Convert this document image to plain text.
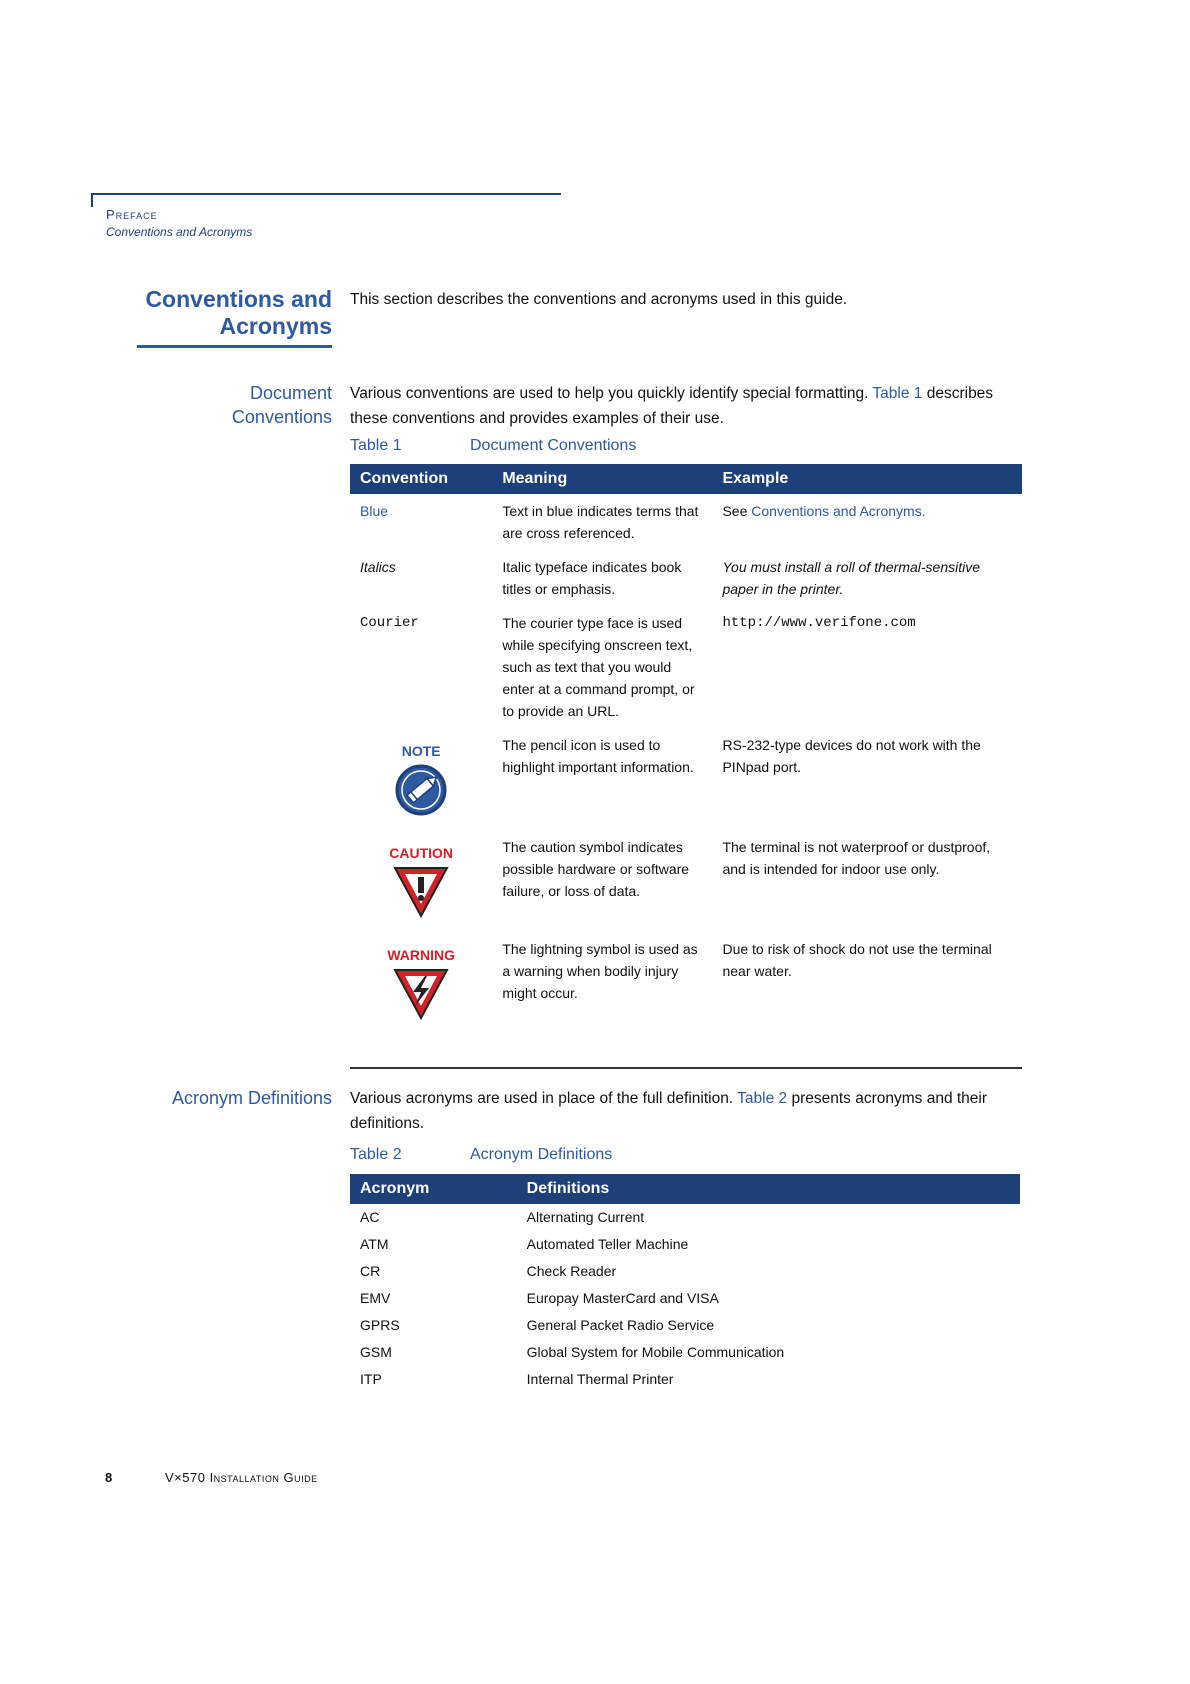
Preface
Conventions and Acronyms
Conventions and
Acronyms
This section describes the conventions and acronyms used in this guide.
Document
Conventions
Various conventions are used to help you quickly identify special formatting. Table 1 describes these conventions and provides examples of their use.
Table 1	Document Conventions
Convention	Meaning	Example
Blue	Text in blue indicates terms that are cross referenced.	See Conventions and Acronyms.
Italics	Italic typeface indicates book titles or emphasis.	You must install a roll of thermal-sensitive paper in the printer.
Courier	The courier type face is used while specifying onscreen text, such as text that you would enter at a command prompt, or to provide an URL.	http://www.verifone.com

NOTE	The pencil icon is used to highlight important information.	RS-232-type devices do not work with the PINpad port.

CAUTION	The caution symbol indicates possible hardware or software failure, or loss of data.	The terminal is not waterproof or dustproof, and is intended for indoor use only.

WARNING	The lightning symbol is used as a warning when bodily injury might occur.	Due to risk of shock do not use the terminal near water.
Acronym Definitions Various acronyms are used in place of the full definition. Table 2 presents acronyms and their definitions.
Table 2	Acronym Definitions
Acronym	Definitions
AC	Alternating Current
ATM	Automated Teller Machine
CR	Check Reader
EMV	Europay MasterCard and VISA
GPRS	General Packet Radio Service
GSM	Global System for Mobile Communication
ITP	Internal Thermal Printer
8	V×570 Installation Guide
